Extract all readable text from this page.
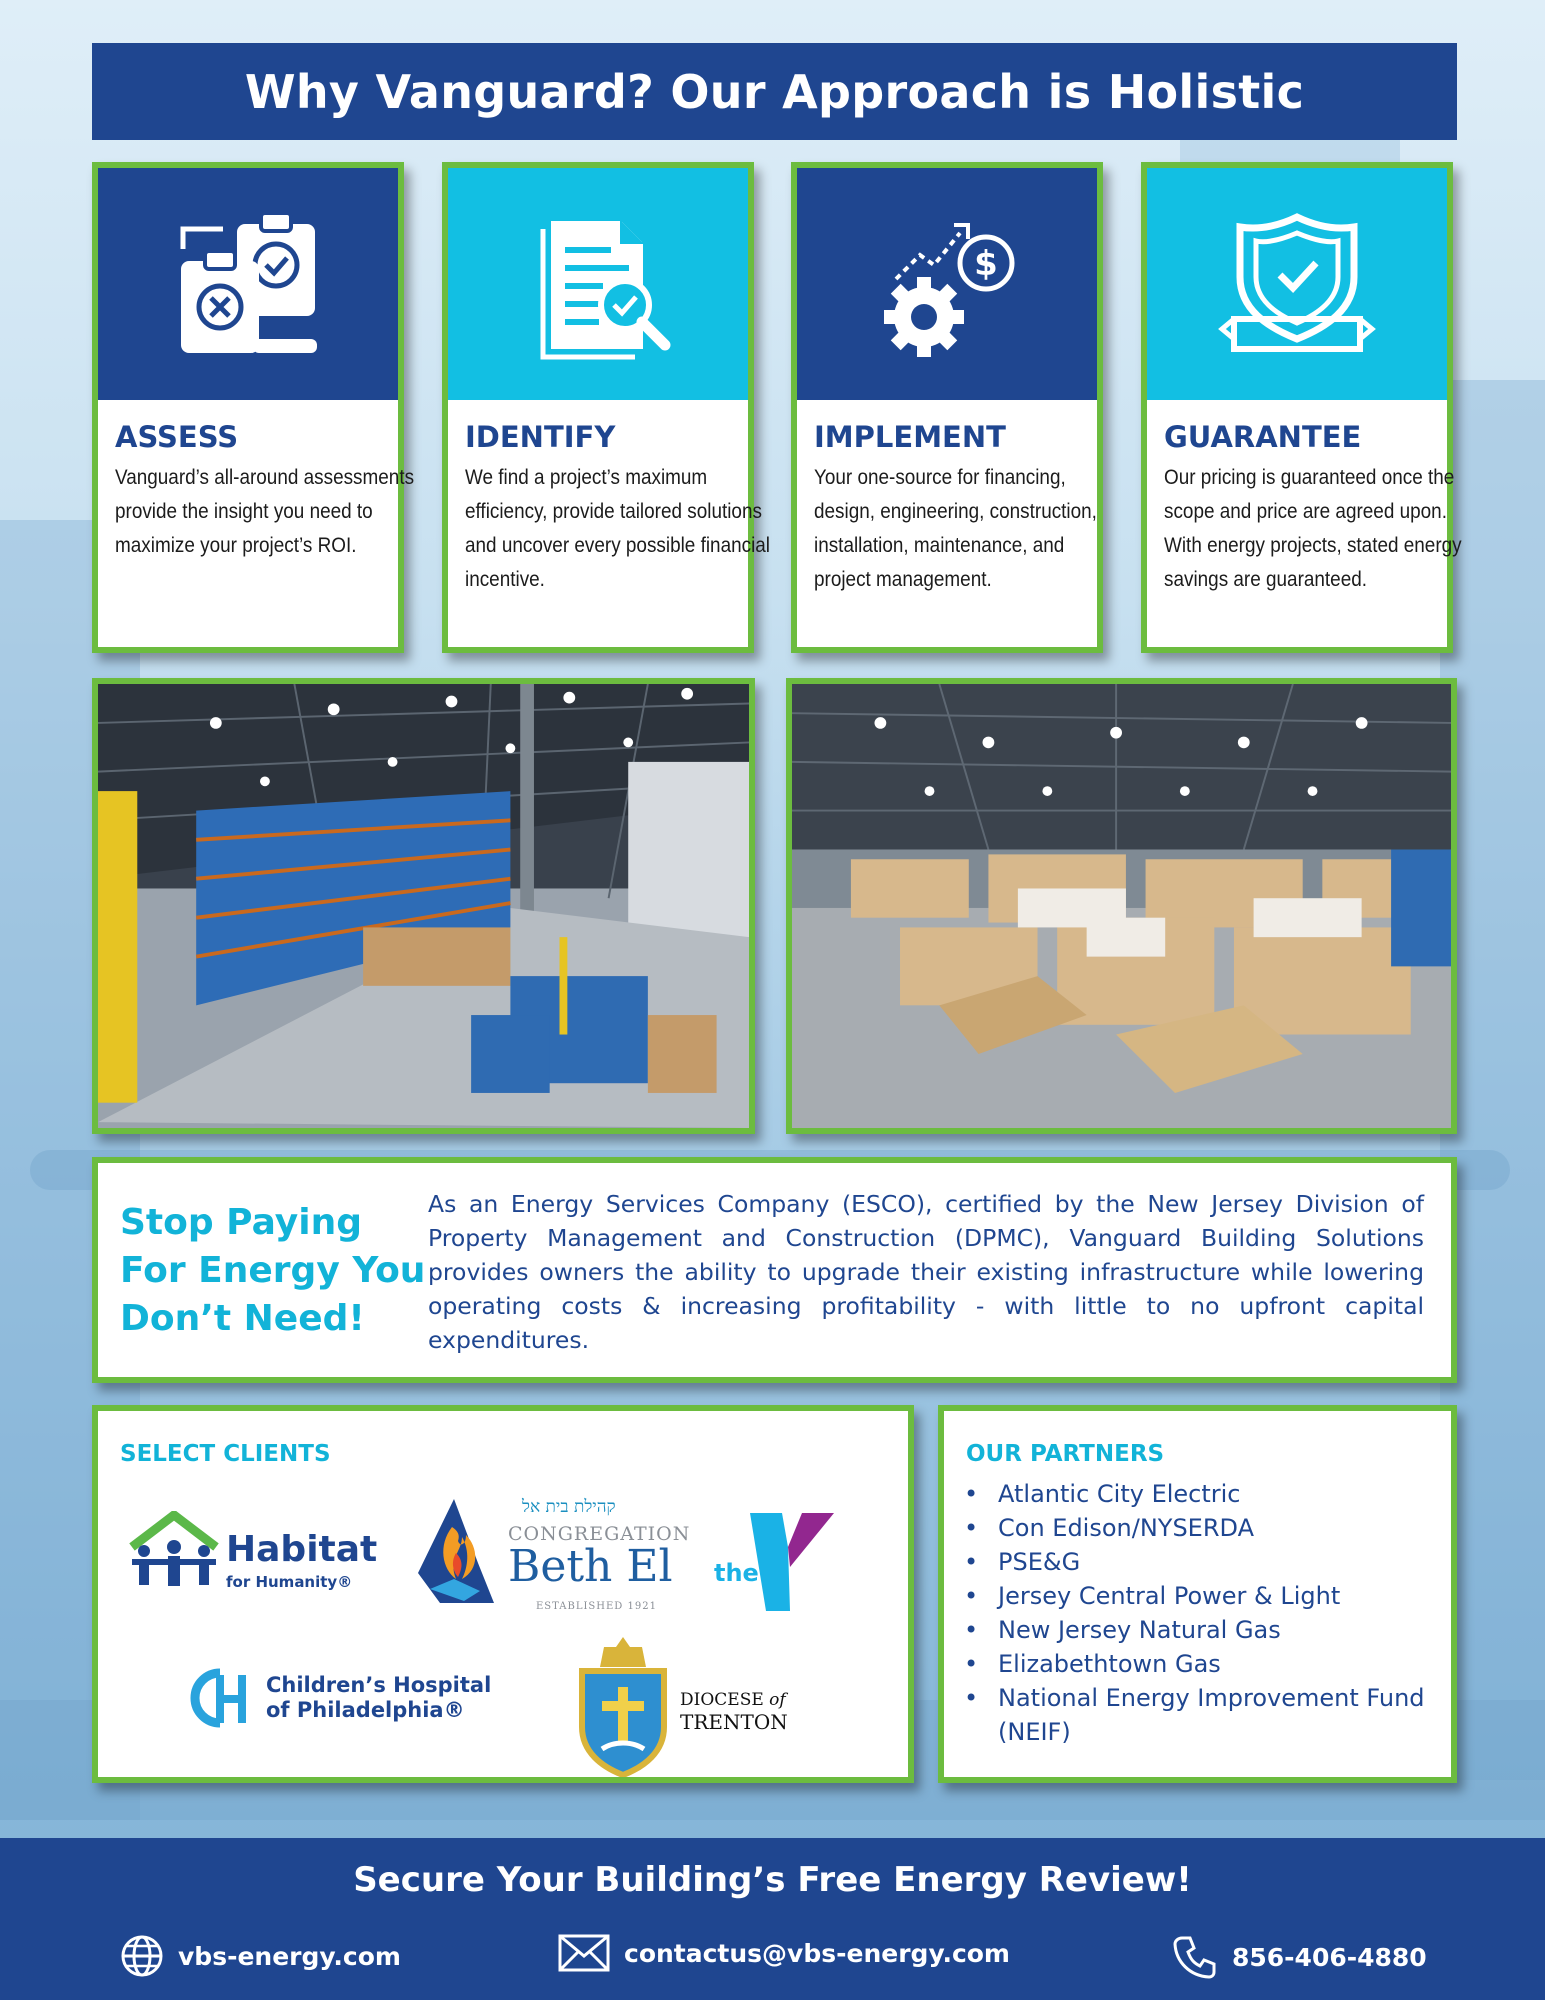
Why Vanguard? Our Approach is Holistic
ASSESS
Vanguard’s all-around assessments provide the insight you need to maximize your project’s ROI.
IDENTIFY
We find a project’s maximum efficiency, provide tailored solutions and uncover every possible financial incentive.
$
IMPLEMENT
Your one-source for financing, design, engineering, construction, installation, maintenance, and project management.
GUARANTEE
Our pricing is guaranteed once the scope and price are agreed upon. With energy projects, stated energy savings are guaranteed.
Stop Paying For Energy You Don’t Need!
As an Energy Services Company (ESCO), certified by the New Jersey Division of Property Management and Construction (DPMC), Vanguard Building Solutions provides owners the ability to upgrade their existing infrastructure while lowering operating costs & increasing profitability - with little to no upfront capital expenditures.
SELECT CLIENTS
Habitat
for Humanity®
קהילת בית אל
CONGREGATION
Beth El
ESTABLISHED 1921
YMCA
the
Children’s Hospital
of Philadelphia®	DIOCESE of
TRENTON
OUR PARTNERS
• Atlantic City Electric
• Con Edison/NYSERDA
• PSE&G
• Jersey Central Power & Light
• New Jersey Natural Gas
• Elizabethtown Gas
• National Energy Improvement Fund (NEIF)
Secure Your Building’s Free Energy Review!
vbs-energy.com	contactus@vbs-energy.com	856-406-4880
